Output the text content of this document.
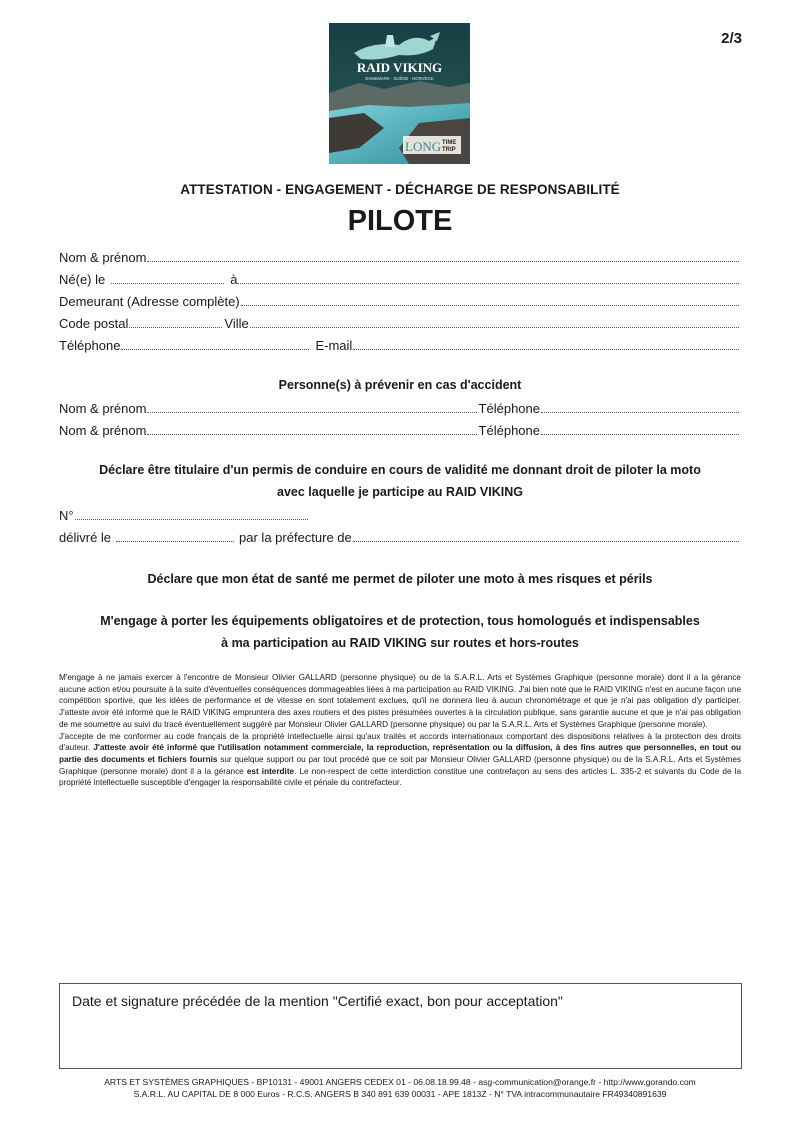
2/3
RAID VIKING
DANEMARK · SUÈDE · NORVÈGE
LONG TIME
TRIP
ATTESTATION - ENGAGEMENT - DÉCHARGE DE RESPONSABILITÉ
PILOTE
Nom & prénom
Né(e) le	à
Demeurant (Adresse complète)
Code postal	Ville
Téléphone	E-mail
Personne(s) à prévenir en cas d'accident
Nom & prénom	Téléphone
Nom & prénom	Téléphone
Déclare être titulaire d'un permis de conduire en cours de validité me donnant droit de piloter la moto
avec laquelle je participe au RAID VIKING
N°
délivré le	par la préfecture de
Déclare que mon état de santé me permet de piloter une moto à mes risques et périls
M'engage à porter les équipements obligatoires et de protection, tous homologués et indispensables
à ma participation au RAID VIKING sur routes et hors-routes

M'engage à ne jamais exercer à l'encontre de Monsieur Olivier GALLARD (personne physique) ou de la S.A.R.L. Arts et Systèmes Graphique (personne morale) dont il a la gérance aucune action et/ou poursuite à la suite d'éventuelles conséquences dommageables liées à ma participation au RAID VIKING. J'ai bien noté que le RAID VIKING n'est en aucune façon une compétition sportive, que les idées de performance et de vitesse en sont totalement exclues, qu'il ne donnera lieu à aucun chronométrage et que je n'ai pas obligation d'y participer. J'atteste avoir été informé que le RAID VIKING empruntera des axes routiers et des pistes présumées ouvertes à la circulation publique, sans garantie aucune et que je n'ai pas obligation de me soumettre au suivi du tracé éventuellement suggéré par Monsieur Olivier GALLARD (personne physique) ou par la S.A.R.L. Arts et Systèmes Graphique (personne morale).

J'accepte de me conformer au code français de la propriété intellectuelle ainsi qu'aux traités et accords internationaux comportant des dispositions relatives à la protection des droits d'auteur. J'atteste avoir été informé que l'utilisation notamment commerciale, la reproduction, représentation ou la diffusion, à des fins autres que personnelles, en tout ou partie des documents et fichiers fournis sur quelque support ou par tout procédé que ce soit par Monsieur Olivier GALLARD (personne physique) ou de la S.A.R.L. Arts et Systèmes Graphique (personne morale) dont il a la gérance est interdite. Le non-respect de cette interdiction constitue une contrefaçon au sens des articles L. 335-2 et suivants du Code de la propriété intellectuelle susceptible d'engager la responsabilité civile et pénale du contrefacteur.

Date et signature précédée de la mention "Certifié exact, bon pour acceptation"
ARTS ET SYSTÈMES GRAPHIQUES - BP10131 - 49001 ANGERS CEDEX 01 - 06.08.18.99.48 - asg-communication@orange.fr - http://www.gorando.com
S.A.R.L. AU CAPITAL DE 8 000 Euros - R.C.S. ANGERS B 340 891 639 00031 - APE 1813Z - N° TVA intracommunautaire FR49340891639
